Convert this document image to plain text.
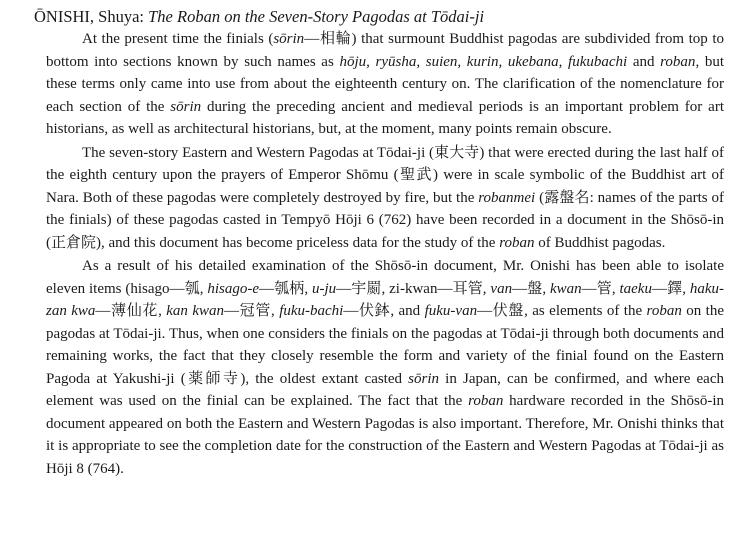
ŌNISHI, Shuya: The Roban on the Seven-Story Pagodas at Tōdai-ji

At the present time the finials (sōrin—相輪) that surmount Buddhist pagodas are subdivided from top to bottom into sections known by such names as hōju, ryūsha, suien, kurin, ukebana, fukubachi and roban, but these terms only came into use from about the eighteenth century on. The clarification of the nomenclature for each section of the sōrin during the preceding ancient and medieval periods is an important problem for art historians, as well as architectural historians, but, at the moment, many points remain obscure.

The seven-story Eastern and Western Pagodas at Tōdai-ji (東大寺) that were erected during the last half of the eighth century upon the prayers of Emperor Shōmu (聖武) were in scale symbolic of the Buddhist art of Nara. Both of these pagodas were completely destroyed by fire, but the robanmei (露盤名: names of the parts of the finials) of these pagodas casted in Tempyō Hōji 6 (762) have been recorded in a document in the Shōsō-in (正倉院), and this document has become priceless data for the study of the roban of Buddhist pagodas.

As a result of his detailed examination of the Shōsō-in document, Mr. Onishi has been able to isolate eleven items (hisago—瓠, hisago-e—瓠柄, u-ju—宇罽, zi-kwan—耳管, van—盤, kwan—管, taeku—鐸, haku-zan kwa—薄仙花, kan kwan—冠管, fuku-bachi—伏鉢, and fuku-van—伏盤, as elements of the roban on the pagodas at Tōdai-ji. Thus, when one considers the finials on the pagodas at Tōdai-ji through both documents and remaining works, the fact that they closely resemble the form and variety of the finial found on the Eastern Pagoda at Yakushi-ji (薬師寺), the oldest extant casted sōrin in Japan, can be confirmed, and where each element was used on the finial can be explained. The fact that the roban hardware recorded in the Shōsō-in document appeared on both the Eastern and Western Pagodas is also important. Therefore, Mr. Onishi thinks that it is appropriate to see the completion date for the construction of the Eastern and Western Pagodas at Tōdai-ji as Hōji 8 (764).
